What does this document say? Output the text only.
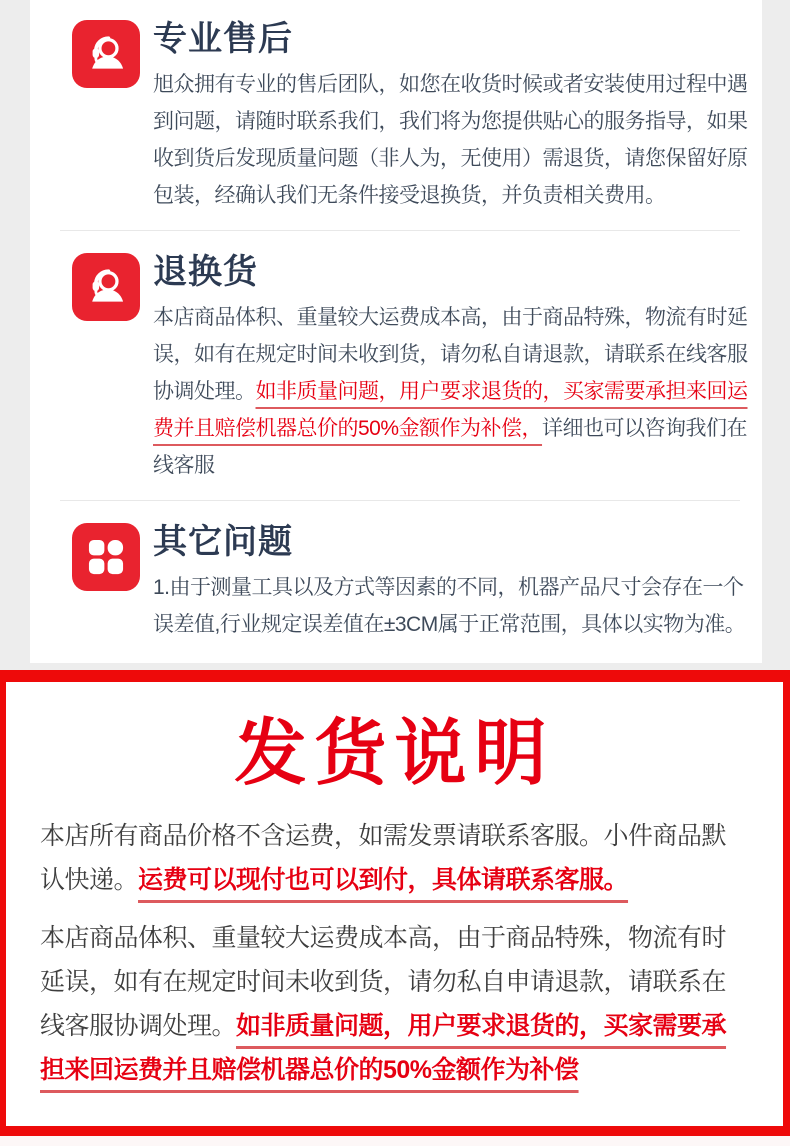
专业售后
旭众拥有专业的售后团队，如您在收货时候或者安装使用过程中遇到问题，请随时联系我们，我们将为您提供贴心的服务指导，如果收到货后发现质量问题（非人为，无使用）需退货，请您保留好原包装，经确认我们无条件接受退换货，并负责相关费用。
退换货
本店商品体积、重量较大运费成本高，由于商品特殊，物流有时延误，如有在规定时间未收到货，请勿私自请退款，请联系在线客服协调处理。如非质量问题，用户要求退货的，买家需要承担来回运费并且赔偿机器总价的50%金额作为补偿，详细也可以咨询我们在线客服
其它问题
1.由于测量工具以及方式等因素的不同，机器产品尺寸会存在一个误差值,行业规定误差值在±3CM属于正常范围，具体以实物为准。
发货说明
本店所有商品价格不含运费，如需发票请联系客服。小件商品默认快递。运费可以现付也可以到付，具体请联系客服。
本店商品体积、重量较大运费成本高，由于商品特殊，物流有时延误，如有在规定时间未收到货，请勿私自申请退款，请联系在线客服协调处理。如非质量问题，用户要求退货的，买家需要承担来回运费并且赔偿机器总价的50%金额作为补偿
